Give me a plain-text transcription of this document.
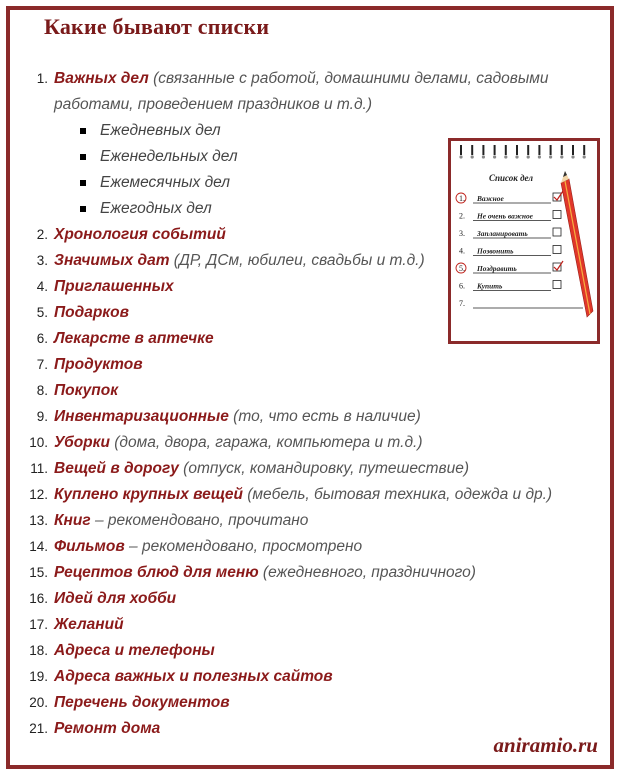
Какие бывают списки
1. Важных дел (связанные с работой, домашними делами, садовыми работами, проведением праздников и т.д.)
Ежедневных дел
Еженедельных дел
Ежемесячных дел
Ежегодных дел
2. Хронология событий
3. Значимых дат (ДР, ДСм, юбилеи, свадьбы и т.д.)
4. Приглашенных
5. Подарков
6. Лекарсте в аптечке
7. Продуктов
8. Покупок
9. Инвентаризационные (то, что есть в наличие)
10. Уборки (дома, двора, гаража, компьютера и т.д.)
11. Вещей в дорогу (отпуск, командировку, путешествие)
12. Куплено крупных вещей (мебель, бытовая техника, одежда и др.)
13. Книг – рекомендовано, прочитано
14. Фильмов – рекомендовано, просмотрено
15. Рецептов блюд для меню (ежедневного, праздничного)
16. Идей для хобби
17. Желаний
18. Адреса и телефоны
19. Адреса важных и полезных сайтов
20. Перечень документов
21. Ремонт дома
Список дел
1. Важное
2. Не очень важное
3. Запланировать
4. Позвонить
5. Поздравить
6. Купить
7.
aniramio.ru
